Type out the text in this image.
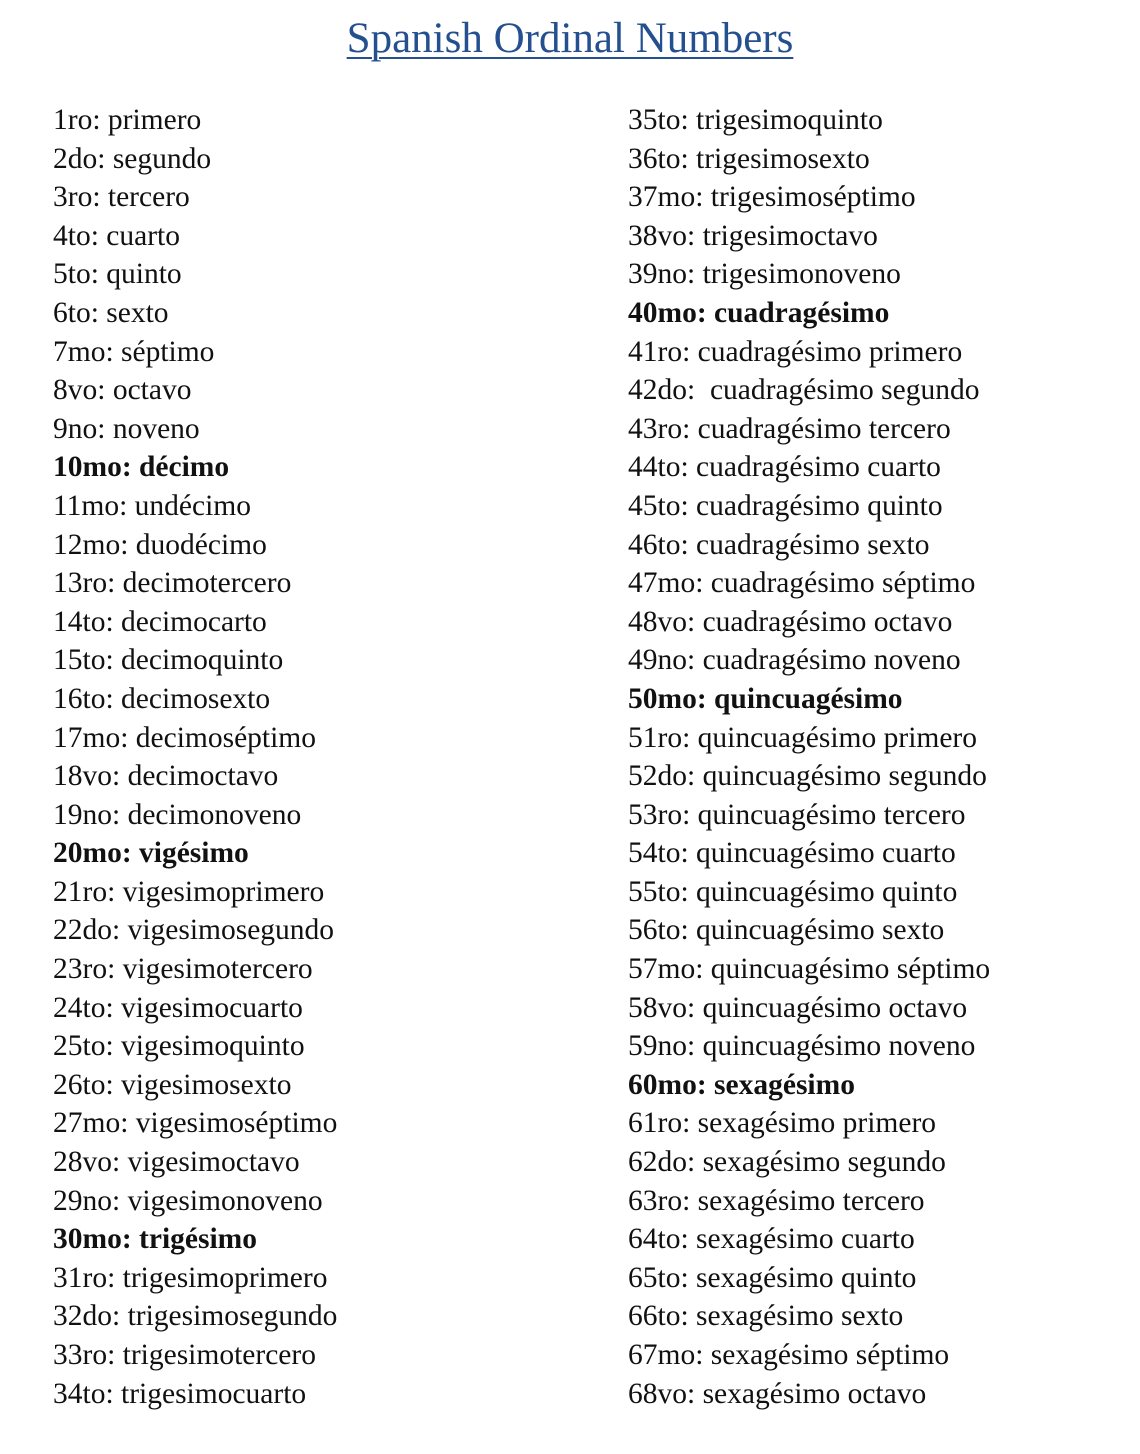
Spanish Ordinal Numbers
1ro: primero
2do: segundo
3ro: tercero
4to: cuarto
5to: quinto
6to: sexto
7mo: séptimo
8vo: octavo
9no: noveno
10mo: décimo
11mo: undécimo
12mo: duodécimo
13ro: decimotercero
14to: decimocarto
15to: decimoquinto
16to: decimosexto
17mo: decimoséptimo
18vo: decimoctavo
19no: decimonoveno
20mo: vigésimo
21ro: vigesimoprimero
22do: vigesimosegundo
23ro: vigesimotercero
24to: vigesimocuarto
25to: vigesimoquinto
26to: vigesimosexto
27mo: vigesimoséptimo
28vo: vigesimoctavo
29no: vigesimonoveno
30mo: trigésimo
31ro: trigesimoprimero
32do: trigesimosegundo
33ro: trigesimotercero
34to: trigesimocuarto
35to: trigesimoquinto
36to: trigesimosexto
37mo: trigesimoséptimo
38vo: trigesimoctavo
39no: trigesimonoveno
40mo: cuadragésimo
41ro: cuadragésimo primero
42do:  cuadragésimo segundo
43ro: cuadragésimo tercero
44to: cuadragésimo cuarto
45to: cuadragésimo quinto
46to: cuadragésimo sexto
47mo: cuadragésimo séptimo
48vo: cuadragésimo octavo
49no: cuadragésimo noveno
50mo: quincuagésimo
51ro: quincuagésimo primero
52do: quincuagésimo segundo
53ro: quincuagésimo tercero
54to: quincuagésimo cuarto
55to: quincuagésimo quinto
56to: quincuagésimo sexto
57mo: quincuagésimo séptimo
58vo: quincuagésimo octavo
59no: quincuagésimo noveno
60mo: sexagésimo
61ro: sexagésimo primero
62do: sexagésimo segundo
63ro: sexagésimo tercero
64to: sexagésimo cuarto
65to: sexagésimo quinto
66to: sexagésimo sexto
67mo: sexagésimo séptimo
68vo: sexagésimo octavo
